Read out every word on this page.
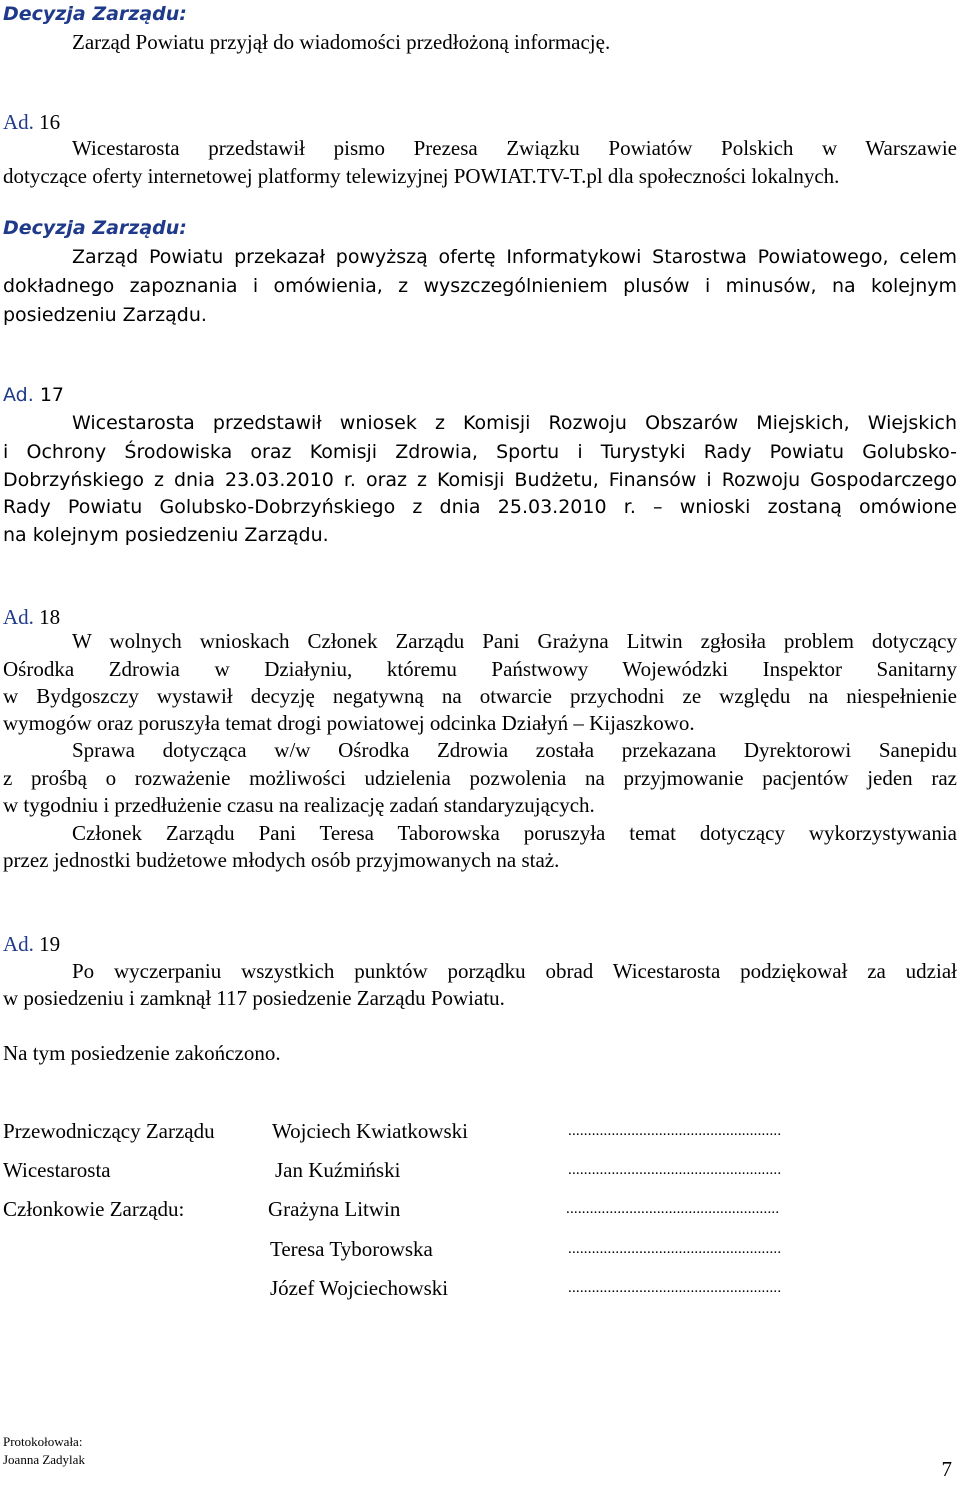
Decyzja Zarządu:
Zarząd Powiatu przyjął do wiadomości przedłożoną informację.
Ad. 16
Wicestarosta przedstawił pismo Prezesa Związku Powiatów Polskich w Warszawie
dotyczące oferty internetowej platformy telewizyjnej POWIAT.TV-T.pl dla społeczności lokalnych.
Decyzja Zarządu:
Zarząd Powiatu przekazał powyższą ofertę Informatykowi Starostwa Powiatowego, celem
dokładnego zapoznania i omówienia, z wyszczególnieniem plusów i minusów, na kolejnym
posiedzeniu Zarządu.
Ad. 17
Wicestarosta przedstawił wniosek z Komisji Rozwoju Obszarów Miejskich, Wiejskich
i Ochrony Środowiska oraz Komisji Zdrowia, Sportu i Turystyki Rady Powiatu Golubsko-
Dobrzyńskiego z dnia 23.03.2010 r. oraz z Komisji Budżetu, Finansów i Rozwoju Gospodarczego
Rady Powiatu Golubsko-Dobrzyńskiego z dnia 25.03.2010 r. – wnioski zostaną omówione
na kolejnym posiedzeniu Zarządu.
Ad. 18
W wolnych wnioskach Członek Zarządu Pani Grażyna Litwin zgłosiła problem dotyczący
Ośrodka Zdrowia w Działyniu, któremu Państwowy Wojewódzki Inspektor Sanitarny
w Bydgoszczy wystawił decyzję negatywną na otwarcie przychodni ze względu na niespełnienie
wymogów oraz poruszyła temat drogi powiatowej odcinka Działyń – Kijaszkowo.
Sprawa dotycząca w/w Ośrodka Zdrowia została przekazana Dyrektorowi Sanepidu
z prośbą o rozważenie możliwości udzielenia pozwolenia na przyjmowanie pacjentów jeden raz
w tygodniu i przedłużenie czasu na realizację zadań standaryzujących.
Członek Zarządu Pani Teresa Taborowska poruszyła temat dotyczący wykorzystywania
przez jednostki budżetowe młodych osób przyjmowanych na staż.
Ad. 19
Po wyczerpaniu wszystkich punktów porządku obrad Wicestarosta podziękował za udział
w posiedzeniu i zamknął 117 posiedzenie Zarządu Powiatu.
Na tym posiedzenie zakończono.
Przewodniczący Zarządu	Wojciech Kwiatkowski	......................................................
Wicestarosta	Jan Kuźmiński	......................................................
Członkowie Zarządu:	Grażyna Litwin	......................................................
Teresa Tyborowska	......................................................
Józef Wojciechowski	......................................................
Protokołowała:
Joanna Zadylak	7
